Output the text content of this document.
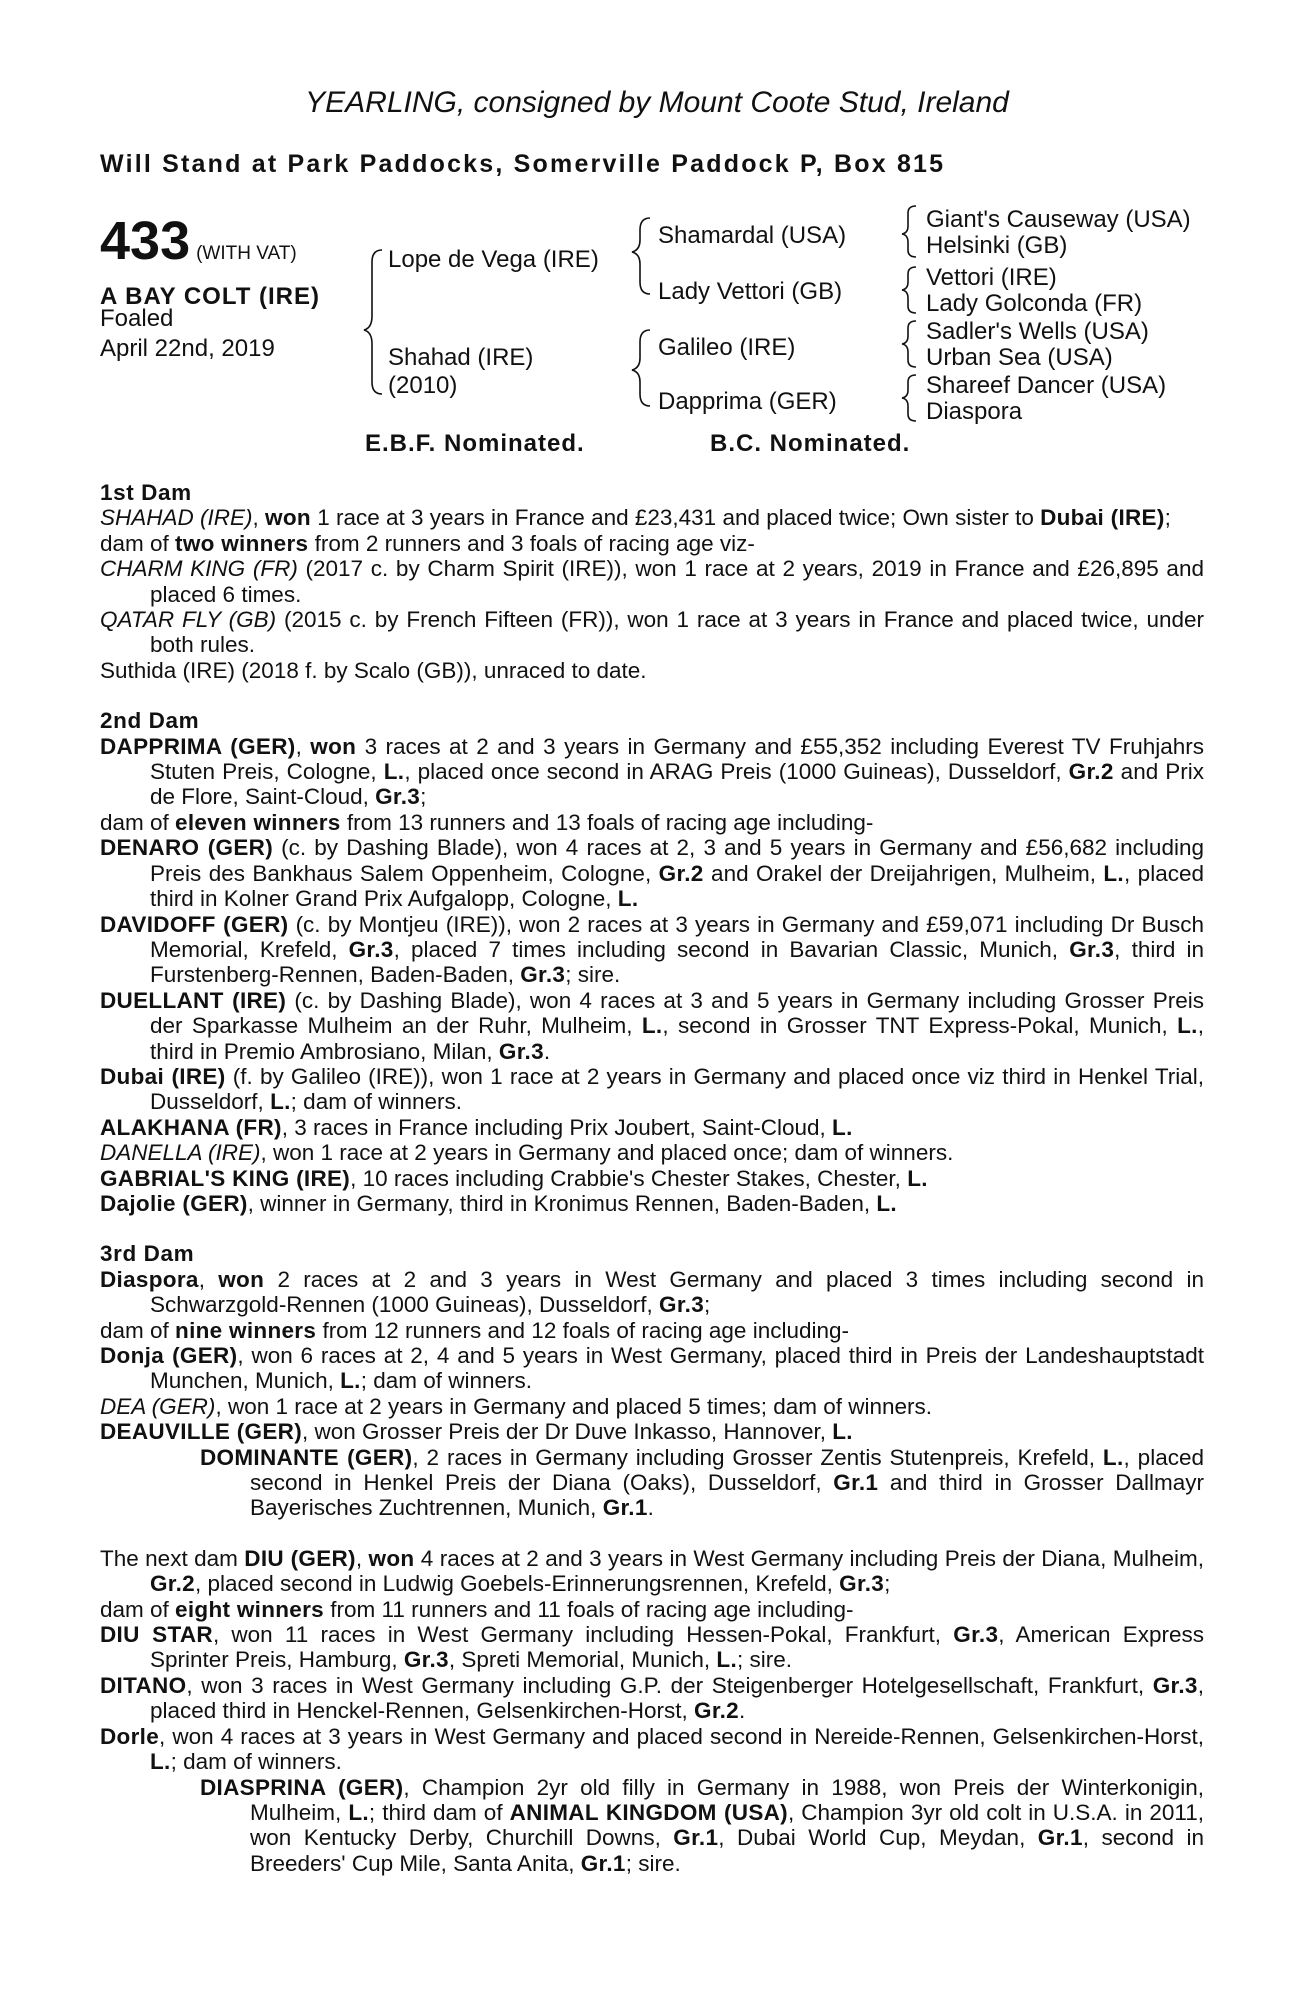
YEARLING, consigned by Mount Coote Stud, Ireland
Will Stand at Park Paddocks, Somerville Paddock P, Box 815
433 (WITH VAT)
A BAY COLT (IRE)
Foaled
April 22nd, 2019
Lope de Vega (IRE)
Shahad (IRE)
(2010)
Shamardal (USA)
Lady Vettori (GB)
Galileo (IRE)
Dapprima (GER)
Giant's Causeway (USA)
Helsinki (GB)
Vettori (IRE)
Lady Golconda (FR)
Sadler's Wells (USA)
Urban Sea (USA)
Shareef Dancer (USA)
Diaspora
E.B.F. Nominated.	B.C. Nominated.

1st Dam

SHAHAD (IRE), won 1 race at 3 years in France and £23,431 and placed twice; Own sister to Dubai (IRE);

dam of two winners from 2 runners and 3 foals of racing age viz-

CHARM KING (FR) (2017 c. by Charm Spirit (IRE)), won 1 race at 2 years, 2019 in France and £26,895 and placed 6 times.

QATAR FLY (GB) (2015 c. by French Fifteen (FR)), won 1 race at 3 years in France and placed twice, under both rules.

Suthida (IRE) (2018 f. by Scalo (GB)), unraced to date.

2nd Dam

DAPPRIMA (GER), won 3 races at 2 and 3 years in Germany and £55,352 including Everest TV Fruhjahrs Stuten Preis, Cologne, L., placed once second in ARAG Preis (1000 Guineas), Dusseldorf, Gr.2 and Prix de Flore, Saint-Cloud, Gr.3;

dam of eleven winners from 13 runners and 13 foals of racing age including-

DENARO (GER) (c. by Dashing Blade), won 4 races at 2, 3 and 5 years in Germany and £56,682 including Preis des Bankhaus Salem Oppenheim, Cologne, Gr.2 and Orakel der Dreijahrigen, Mulheim, L., placed third in Kolner Grand Prix Aufgalopp, Cologne, L.

DAVIDOFF (GER) (c. by Montjeu (IRE)), won 2 races at 3 years in Germany and £59,071 including Dr Busch Memorial, Krefeld, Gr.3, placed 7 times including second in Bavarian Classic, Munich, Gr.3, third in Furstenberg-Rennen, Baden-Baden, Gr.3; sire.

DUELLANT (IRE) (c. by Dashing Blade), won 4 races at 3 and 5 years in Germany including Grosser Preis der Sparkasse Mulheim an der Ruhr, Mulheim, L., second in Grosser TNT Express-Pokal, Munich, L., third in Premio Ambrosiano, Milan, Gr.3.

Dubai (IRE) (f. by Galileo (IRE)), won 1 race at 2 years in Germany and placed once viz third in Henkel Trial, Dusseldorf, L.; dam of winners.

ALAKHANA (FR), 3 races in France including Prix Joubert, Saint-Cloud, L.

DANELLA (IRE), won 1 race at 2 years in Germany and placed once; dam of winners.

GABRIAL'S KING (IRE), 10 races including Crabbie's Chester Stakes, Chester, L.

Dajolie (GER), winner in Germany, third in Kronimus Rennen, Baden-Baden, L.

3rd Dam

Diaspora, won 2 races at 2 and 3 years in West Germany and placed 3 times including second in Schwarzgold-Rennen (1000 Guineas), Dusseldorf, Gr.3;

dam of nine winners from 12 runners and 12 foals of racing age including-

Donja (GER), won 6 races at 2, 4 and 5 years in West Germany, placed third in Preis der Landeshauptstadt Munchen, Munich, L.; dam of winners.

DEA (GER), won 1 race at 2 years in Germany and placed 5 times; dam of winners.

DEAUVILLE (GER), won Grosser Preis der Dr Duve Inkasso, Hannover, L.

DOMINANTE (GER), 2 races in Germany including Grosser Zentis Stutenpreis, Krefeld, L., placed second in Henkel Preis der Diana (Oaks), Dusseldorf, Gr.1 and third in Grosser Dallmayr Bayerisches Zuchtrennen, Munich, Gr.1.

The next dam DIU (GER), won 4 races at 2 and 3 years in West Germany including Preis der Diana, Mulheim, Gr.2, placed second in Ludwig Goebels-Erinnerungsrennen, Krefeld, Gr.3;

dam of eight winners from 11 runners and 11 foals of racing age including-

DIU STAR, won 11 races in West Germany including Hessen-Pokal, Frankfurt, Gr.3, American Express Sprinter Preis, Hamburg, Gr.3, Spreti Memorial, Munich, L.; sire.

DITANO, won 3 races in West Germany including G.P. der Steigenberger Hotelgesellschaft, Frankfurt, Gr.3, placed third in Henckel-Rennen, Gelsenkirchen-Horst, Gr.2.

Dorle, won 4 races at 3 years in West Germany and placed second in Nereide-Rennen, Gelsenkirchen-Horst, L.; dam of winners.

DIASPRINA (GER), Champion 2yr old filly in Germany in 1988, won Preis der Winterkonigin, Mulheim, L.; third dam of ANIMAL KINGDOM (USA), Champion 3yr old colt in U.S.A. in 2011, won Kentucky Derby, Churchill Downs, Gr.1, Dubai World Cup, Meydan, Gr.1, second in Breeders' Cup Mile, Santa Anita, Gr.1; sire.
